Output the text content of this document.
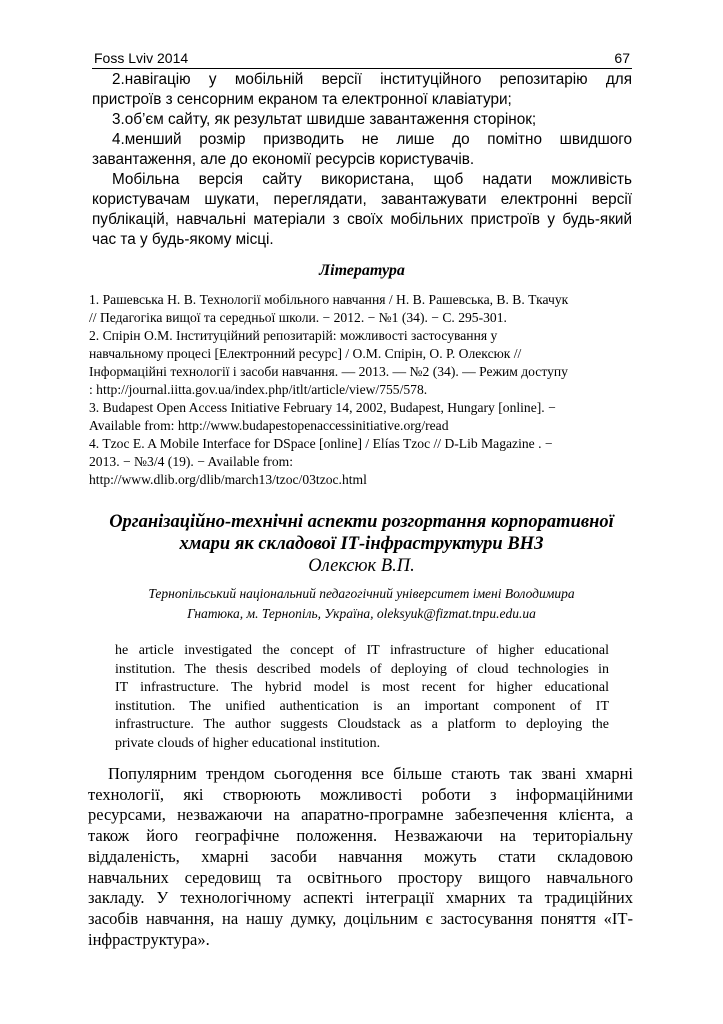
Foss Lviv 2014	67
2.навігацію у мобільній версії інституційного репозитарію для
пристроїв з сенсорним екраном та електронної клавіатури;
3.об’єм сайту, як результат швидше завантаження сторінок;
4.менший розмір призводить не лише до помітно швидшого
завантаження, але до економії ресурсів користувачів.
Мобільна версія сайту використана, щоб надати можливість
користувачам шукати, переглядати, завантажувати електронні версії
публікацій, навчальні матеріали з своїх мобільних пристроїв у будь-який
час та у будь-якому місці.
Література
1. Рашевська Н. В. Технології мобільного навчання / Н. В. Рашевська, В. В. Ткачук
// Педагогіка вищої та середньої школи. − 2012. − №1 (34). − С. 295-301.
2. Спірін О.М. Інституційний репозитарій: можливості застосування у
навчальному процесі [Електронний ресурс] / О.М. Спірін, О. Р. Олексюк //
Інформаційні технології і засоби навчання. — 2013. — №2 (34). — Режим доступу
: http://journal.iitta.gov.ua/index.php/itlt/article/view/755/578.
3. Budapest Open Access Initiative February 14, 2002, Budapest, Hungary [online]. −
Available from: http://www.budapestopenaccessinitiative.org/read
4. Tzoc E. A Mobile Interface for DSpace [online] / Elías Tzoc // D-Lib Magazine . −
2013. − №3/4 (19). − Available from:
http://www.dlib.org/dlib/march13/tzoc/03tzoc.html
Організаційно-технічні аспекти розгортання корпоративної
хмари як складової ІТ-інфраструктури ВНЗ
Олексюк В.П.
Тернопільський національний педагогічний університет імені Володимира
Гнатюка, м. Тернопіль, Україна, oleksyuk@fizmat.tnpu.edu.ua
he article investigated the concept of IT infrastructure of higher educational
institution. The thesis described models of deploying of cloud technologies in
IT infrastructure. The hybrid model is most recent for higher educational
institution. The unified authentication is an important component of IT
infrastructure. The author suggests Cloudstack as a platform to deploying the
private clouds of higher educational institution.
Популярним трендом сьогодення все більше стають так звані хмарні
технології, які створюють можливості роботи з інформаційними
ресурсами, незважаючи на апаратно-програмне забезпечення клієнта, а
також його географічне положення. Незважаючи на територіальну
віддаленість, хмарні засоби навчання можуть стати складовою
навчальних середовищ та освітнього простору вищого навчального
закладу. У технологічному аспекті інтеграції хмарних та традиційних
засобів навчання, на нашу думку, доцільним є застосування поняття «ІТ-
інфраструктура».
